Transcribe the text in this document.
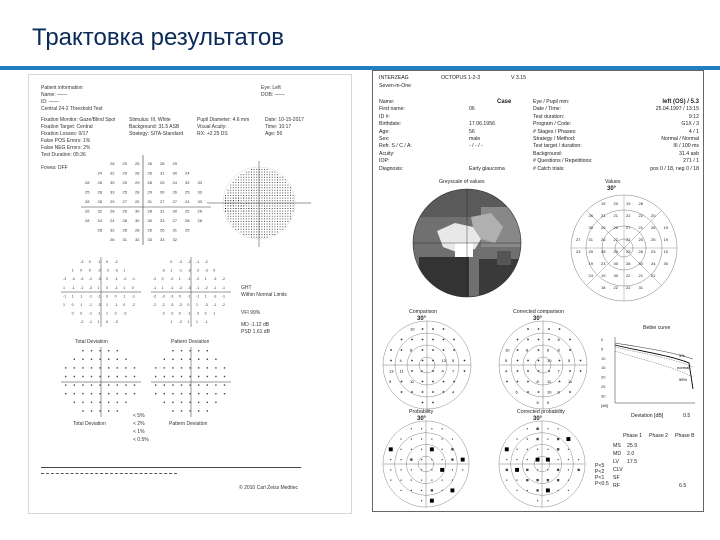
Трактовка результатов
Patient information
Name: ——
ID: ——
Central 24-2 Threshold Test
Eye: Left
DOB: ——
Fixation Monitor: Gaze/Blind Spot
Fixation Target: Central
Fixation Losses: 0/17
False POS Errors: 1%
False NEG Errors: 2%
Test Duration: 05:36
Stimulus: III, White
Background: 31.5 ASB
Strategy: SITA-Standard
Pupil Diameter: 4.6 mm
Visual Acuity:
RX: +2.25 DS
Date: 10-15-2017
Time: 10:17
Age: 56
Fovea: OFF
28 29 25 26 28 29
24 32 29 28 26 31 30 24
28 26 30 25 29 28 25 24 33 33
25 28 33 25 28 29 30 26 25 33
28 26 29 27 25 31 27 27 24 33
26 32 28 26 30 28 31 30 25 26
28 24 24 28 30 30 33 27 28 28
28 32 28 28 26 26 31 25
26 31 32 33 33 32
-3 0 -1 0 -2
1 0 0 -2 -2 -3 1
-3 -3 -3 -2 -3 0 -1 -2 -1
1 -1 -1 -3 1 0 -1 1 0
-1 1 1 -1 -1 0 0 1 -1
1 0 1 -1 -3 1 -1 0 -2
0 0 -1 -1 1 0 -3
-2 -1 1 0 -3
0 -3 -2 -1 -2
-3 1 -1 -3 -2 -3 0
-2 0 -2 1 -1 -2 1 -3 -2
-1 1 -1 -3 -3 -1 -2 -1 -1
-2 -3 -3 0 -1 -1 1 -3 -1
-2 -2 -3 -3 0 1 -3 -1 -2
-2 -2 0 -1 -2 0 1
1 -2 1 1 -1
Total Deviation	Pattern Deviation
Total Deviation	Pattern Deviation
GHT
Within Normal Limits
VFI 99%
MD -1.12 dB
PSD 1.61 dB
< 5%
< 2%
< 1%
< 0.5%
© 2010 Carl Zeiss Meditec
INTERZEAG	OCTOPUS 1-2-3	V 3.15
Seven-in-One
Name:	Case
First name:	06
ID #:
Birthdate:	17.06.1956
Age:	56
Sex:	male
Refr. S / C / A:	- / - / -
Acuity:
IOP:
Diagnosis:	Early glaucoma
Eye / Pupil mm:	left (OS) / 5.3
Date / Time:	25.04.1997 / 13:15
Test duration:	9:12
Program / Code:	G1X / 3
# Stages / Phases:	4 / 1
Strategy / Method:	Normal / Normal
Test target / duration:	III / 100 ms
Background:	31.4 asb
# Questions / Repetitions:	271 / 1
# Catch trials:	pos 0 / 18, neg 0 / 18
Greyscale of values	Values
30°
19 20 19 28
26 31 21 22 22 20
30 26 29 27 21 26 19
27 31 26 22 22 25 25 19
23 29 28 25 25 26 23 19
19 23 30 28 30 24 30
24 19 30 22 21 21
18 22 22 31
Comparison
30°
Corrected comparison
30°
10
8
4	13 5
13 11	4	4 7
9	11
4
8
10	8	6 8
5	10	5
4	7
8 11	11
6	10 8
5 9
Bebie curve
0
5
10
15
20
25
30
[dB]
5%
normal
95%
Deviation [dB]	0.5
Probability
30°
Corrected probability
30°
P<5
P<2
P<1
P<0.5
Phase 1 Phase 2 Phase B
MS 25.9
MD 2.0
LV 17.5
CLV
SF
RF	6.5
